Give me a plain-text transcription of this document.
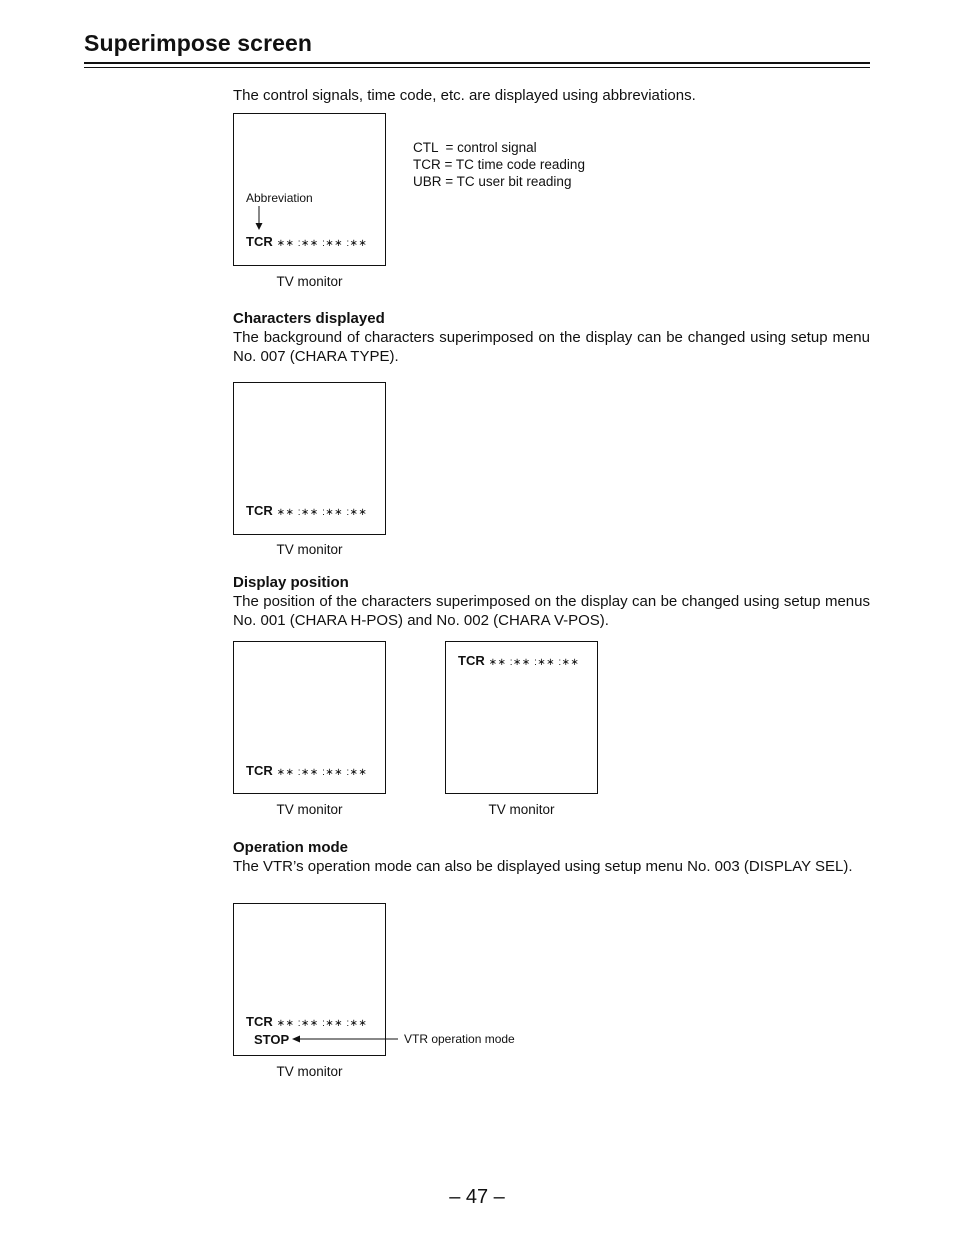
Superimpose screen
The control signals, time code, etc. are displayed using abbreviations.
Abbreviation
TCR ∗∗ :∗∗ :∗∗ :∗∗
TV monitor
CTL  = control signal
TCR = TC time code reading
UBR = TC user bit reading
Characters displayed
The background of characters superimposed on the display can be changed using setup menu No. 007 (CHARA TYPE).
TCR ∗∗ :∗∗ :∗∗ :∗∗
TV monitor
Display position
The position of the characters superimposed on the display can be changed using setup menus No. 001 (CHARA H-POS) and No. 002 (CHARA V-POS).
TCR ∗∗ :∗∗ :∗∗ :∗∗
TV monitor
TCR ∗∗ :∗∗ :∗∗ :∗∗
TV monitor
Operation mode
The VTR’s operation mode can also be displayed using setup menu No. 003 (DISPLAY SEL).
TCR ∗∗ :∗∗ :∗∗ :∗∗
STOP	VTR operation mode
TV monitor
– 47 –
